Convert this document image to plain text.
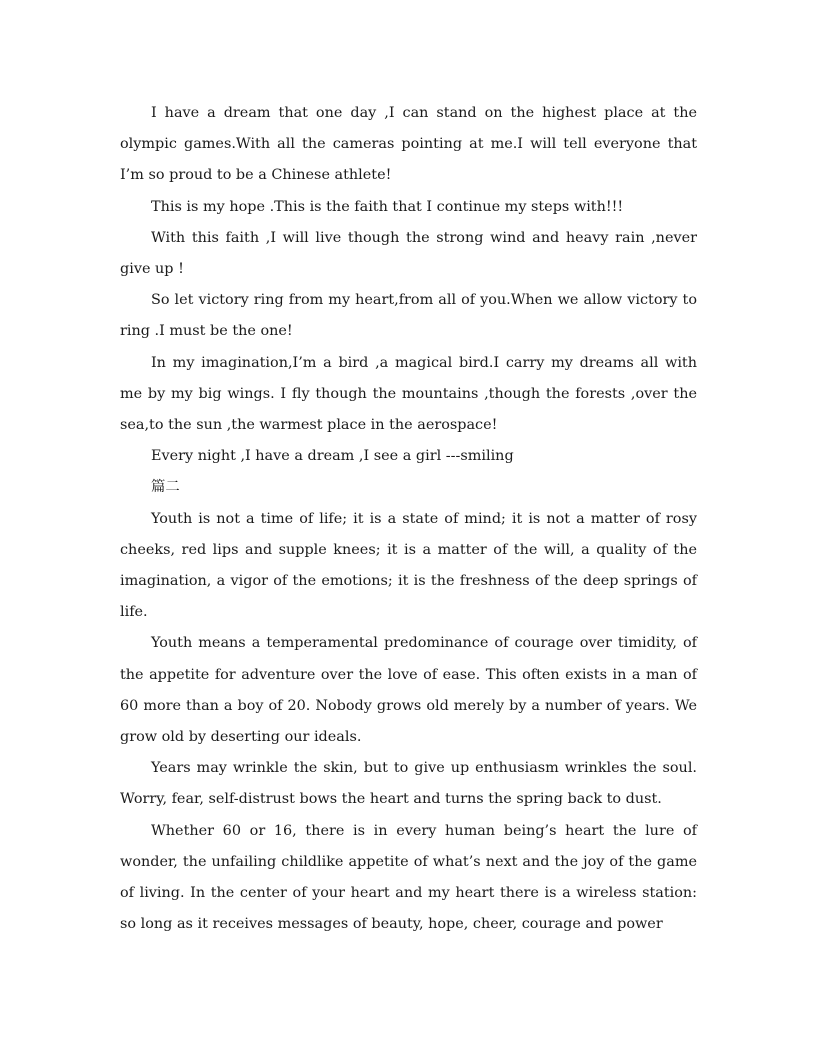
I have a dream that one day ,I can stand on the highest place at the olympic games.With all the cameras pointing at me.I will tell everyone that I’m so proud to be a Chinese athlete!

This is my hope .This is the faith that I continue my steps with!!!

With this faith ,I will live though the strong wind and heavy rain ,never give up !

So let victory ring from my heart,from all of you.When we allow victory to ring .I must be the one!

In my imagination,I’m a bird ,a magical bird.I carry my dreams all with me by my big wings. I fly though the mountains ,though the forests ,over the sea,to the sun ,the warmest place in the aerospace!

Every night ,I have a dream ,I see a girl ---smiling

篇二

Youth is not a time of life; it is a state of mind; it is not a matter of rosy cheeks, red lips and supple knees; it is a matter of the will, a quality of the imagination, a vigor of the emotions; it is the freshness of the deep springs of life.

Youth means a temperamental predominance of courage over timidity, of the appetite for adventure over the love of ease. This often exists in a man of 60 more than a boy of 20. Nobody grows old merely by a number of years. We grow old by deserting our ideals.

Years may wrinkle the skin, but to give up enthusiasm wrinkles the soul. Worry, fear, self-distrust bows the heart and turns the spring back to dust.

Whether 60 or 16, there is in every human being’s heart the lure of wonder, the unfailing childlike appetite of what’s next and the joy of the game of living. In the center of your heart and my heart there is a wireless station: so long as it receives messages of beauty, hope, cheer, courage and power
